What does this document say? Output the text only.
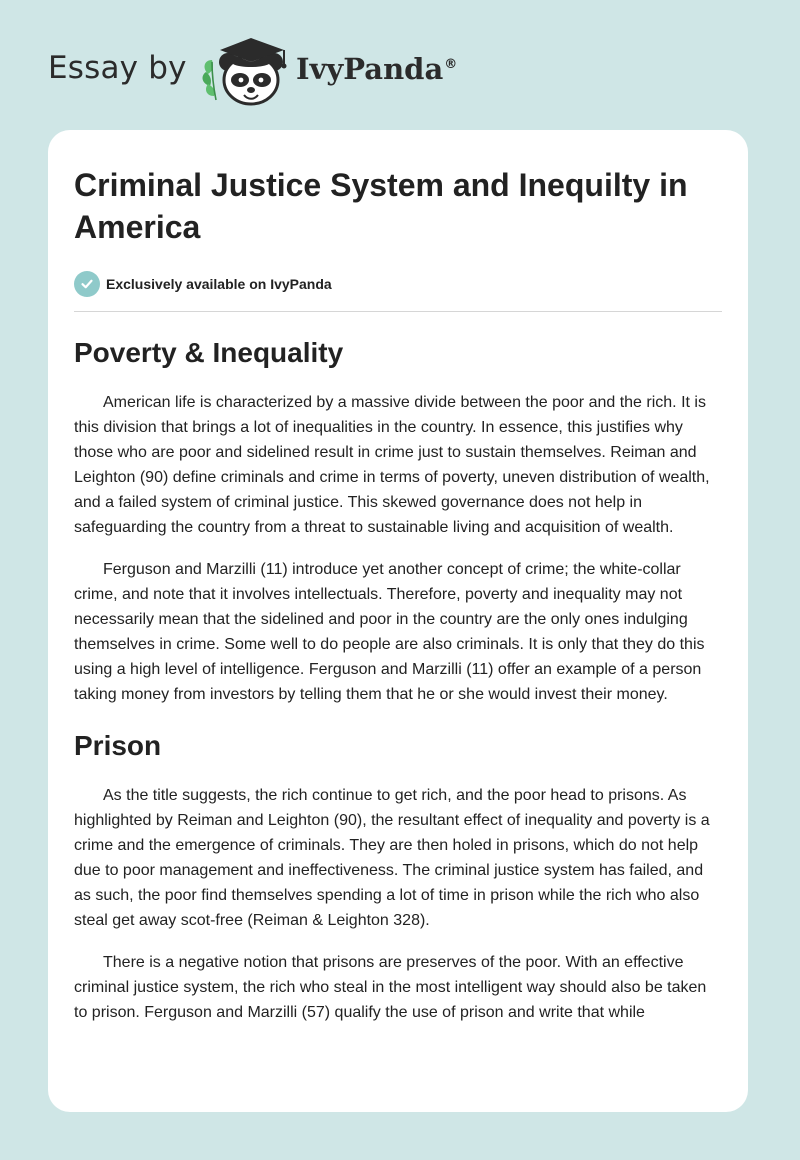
Essay by	IvyPanda®
Criminal Justice System and Inequilty in America
Exclusively available on IvyPanda
Poverty & Inequality

American life is characterized by a massive divide between the poor and the rich. It is this division that brings a lot of inequalities in the country. In essence, this justifies why those who are poor and sidelined result in crime just to sustain themselves. Reiman and Leighton (90) define criminals and crime in terms of poverty, uneven distribution of wealth, and a failed system of criminal justice. This skewed governance does not help in safeguarding the country from a threat to sustainable living and acquisition of wealth.

Ferguson and Marzilli (11) introduce yet another concept of crime; the white-collar crime, and note that it involves intellectuals. Therefore, poverty and inequality may not necessarily mean that the sidelined and poor in the country are the only ones indulging themselves in crime. Some well to do people are also criminals. It is only that they do this using a high level of intelligence. Ferguson and Marzilli (11) offer an example of a person taking money from investors by telling them that he or she would invest their money.

Prison

As the title suggests, the rich continue to get rich, and the poor head to prisons. As highlighted by Reiman and Leighton (90), the resultant effect of inequality and poverty is a crime and the emergence of criminals. They are then holed in prisons, which do not help due to poor management and ineffectiveness. The criminal justice system has failed, and as such, the poor find themselves spending a lot of time in prison while the rich who also steal get away scot-free (Reiman & Leighton 328).

There is a negative notion that prisons are preserves of the poor. With an effective criminal justice system, the rich who steal in the most intelligent way should also be taken to prison. Ferguson and Marzilli (57) qualify the use of prison and write that while
